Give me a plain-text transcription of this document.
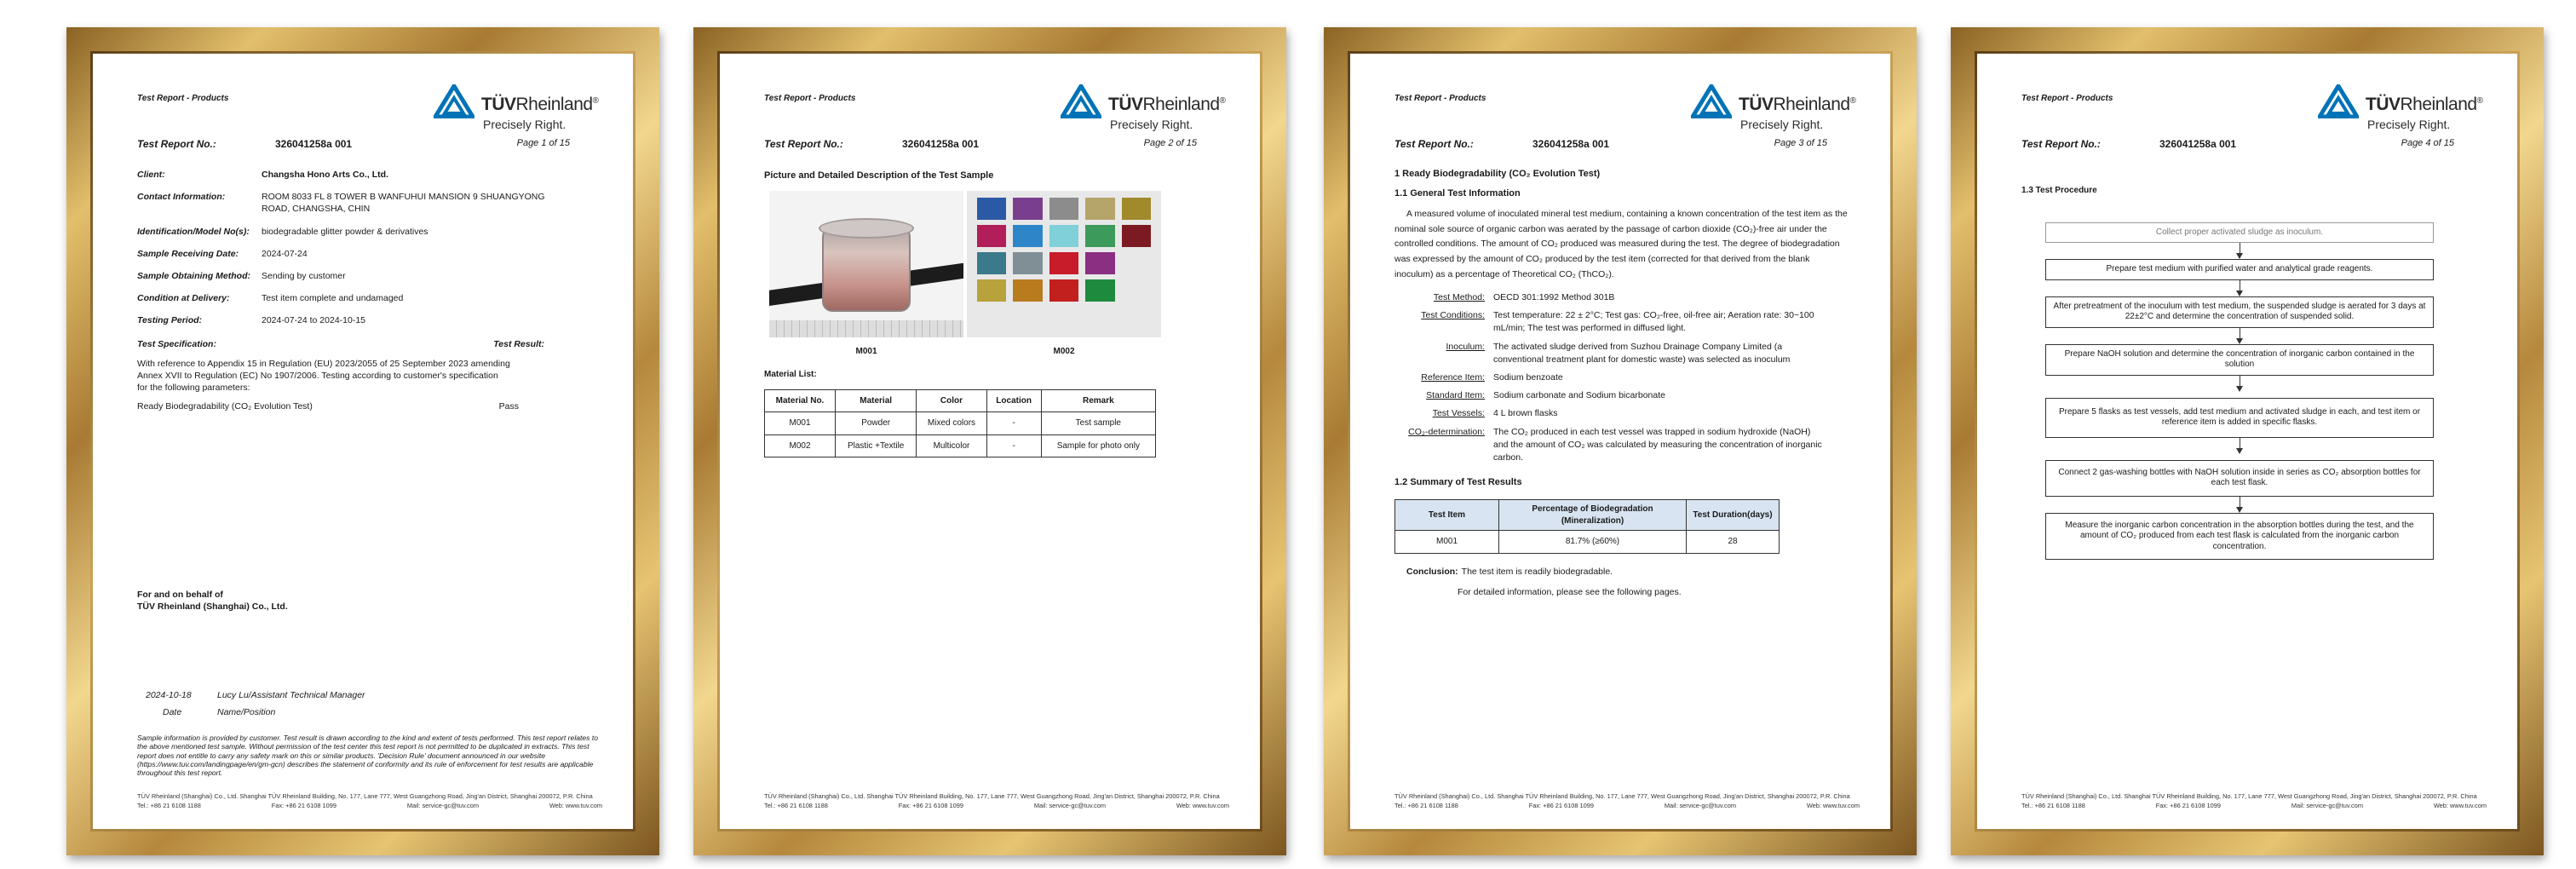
Test Report - Products	TÜVRheinland®
Precisely Right.
Test Report No.:	326041258a 001	Page 1 of 15
Client:	Changsha Hono Arts Co., Ltd.
Contact Information:	ROOM 8033 FL 8 TOWER B WANFUHUI MANSION 9 SHUANGYONG ROAD, CHANGSHA, CHIN
Identification/Model No(s):	biodegradable glitter powder & derivatives
Sample Receiving Date:	2024-07-24
Sample Obtaining Method:	Sending by customer
Condition at Delivery:	Test item complete and undamaged
Testing Period:	2024-07-24 to 2024-10-15
Test Specification:	Test Result:
With reference to Appendix 15 in Regulation (EU) 2023/2055 of 25 September 2023 amending Annex XVII to Regulation (EC) No 1907/2006. Testing according to customer's specification for the following parameters:
Ready Biodegradability (CO₂ Evolution Test)	Pass
For and on behalf of
TÜV Rheinland (Shanghai) Co., Ltd.
2024-10-18	Lucy Lu/Assistant Technical Manager
Date	Name/Position
Sample information is provided by customer. Test result is drawn according to the kind and extent of tests performed. This test report relates to the above mentioned test sample. Without permission of the test center this test report is not permitted to be duplicated in extracts. This test report does not entitle to carry any safety mark on this or similar products. 'Decision Rule' document announced in our website (https://www.tuv.com/landingpage/en/gm-gcn) describes the statement of conformity and its rule of enforcement for test results are applicable throughout this test report.
TÜV Rheinland (Shanghai) Co., Ltd. Shanghai TÜV Rheinland Building, No. 177, Lane 777, West Guangzhong Road, Jing'an District, Shanghai 200072, P.R. China
Tel.: +86 21 6108 1188	Fax: +86 21 6108 1099	Mail: service-gc@tuv.com	Web: www.tuv.com
Test Report - Products	TÜVRheinland®
Precisely Right.
Test Report No.:	326041258a 001	Page 2 of 15
Picture and Detailed Description of the Test Sample
M001	M002
Material List:
Material No.	Material	Color	Location	Remark
M001	Powder	Mixed colors	-	Test sample
M002	Plastic +Textile	Multicolor	-	Sample for photo only
TÜV Rheinland (Shanghai) Co., Ltd. Shanghai TÜV Rheinland Building, No. 177, Lane 777, West Guangzhong Road, Jing'an District, Shanghai 200072, P.R. China
Tel.: +86 21 6108 1188	Fax: +86 21 6108 1099	Mail: service-gc@tuv.com	Web: www.tuv.com
Test Report - Products	TÜVRheinland®
Precisely Right.
Test Report No.:	326041258a 001	Page 3 of 15
1 Ready Biodegradability (CO₂ Evolution Test)
1.1 General Test Information
A measured volume of inoculated mineral test medium, containing a known concentration of the test item as the nominal sole source of organic carbon was aerated by the passage of carbon dioxide (CO₂)-free air under the controlled conditions. The amount of CO₂ produced was measured during the test. The degree of biodegradation was expressed by the amount of CO₂ produced by the test item (corrected for that derived from the blank inoculum) as a percentage of Theoretical CO₂ (ThCO₂).
Test Method: OECD 301:1992 Method 301B
Test Conditions: Test temperature: 22 ± 2°C; Test gas: CO₂-free, oil-free air; Aeration rate: 30~100 mL/min; The test was performed in diffused light.
Inoculum: The activated sludge derived from Suzhou Drainage Company Limited (a conventional treatment plant for domestic waste) was selected as inoculum
Reference Item: Sodium benzoate
Standard Item: Sodium carbonate and Sodium bicarbonate
Test Vessels: 4 L brown flasks
CO₂-determination: The CO₂ produced in each test vessel was trapped in sodium hydroxide (NaOH) and the amount of CO₂ was calculated by measuring the concentration of inorganic carbon.
1.2 Summary of Test Results
Test Item	Percentage of Biodegradation (Mineralization)	Test Duration(days)
M001	81.7% (≥60%)	28
Conclusion: The test item is readily biodegradable.
For detailed information, please see the following pages.
TÜV Rheinland (Shanghai) Co., Ltd. Shanghai TÜV Rheinland Building, No. 177, Lane 777, West Guangzhong Road, Jing'an District, Shanghai 200072, P.R. China
Tel.: +86 21 6108 1188	Fax: +86 21 6108 1099	Mail: service-gc@tuv.com	Web: www.tuv.com
Test Report - Products	TÜVRheinland®
Precisely Right.
Test Report No.:	326041258a 001	Page 4 of 15
1.3 Test Procedure
Collect proper activated sludge as inoculum.
Prepare test medium with purified water and analytical grade reagents.
After pretreatment of the inoculum with test medium, the suspended sludge is aerated for 3 days at 22±2°C and determine the concentration of suspended solid.
Prepare NaOH solution and determine the concentration of inorganic carbon contained in the solution
Prepare 5 flasks as test vessels, add test medium and activated sludge in each, and test item or reference item is added in specific flasks.
Connect 2 gas-washing bottles with NaOH solution inside in series as CO₂ absorption bottles for each test flask.
Measure the inorganic carbon concentration in the absorption bottles during the test, and the amount of CO₂ produced from each test flask is calculated from the inorganic carbon concentration.
TÜV Rheinland (Shanghai) Co., Ltd. Shanghai TÜV Rheinland Building, No. 177, Lane 777, West Guangzhong Road, Jing'an District, Shanghai 200072, P.R. China
Tel.: +86 21 6108 1188	Fax: +86 21 6108 1099	Mail: service-gc@tuv.com	Web: www.tuv.com
